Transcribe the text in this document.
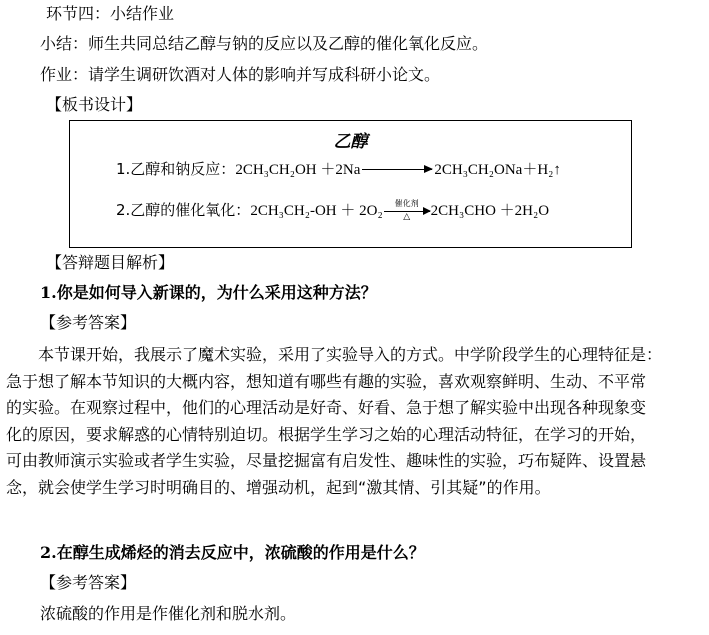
环节四：小结作业
小结：师生共同总结乙醇与钠的反应以及乙醇的催化氧化反应。
作业：请学生调研饮酒对人体的影响并写成科研小论文。
【板书设计】
乙醇
1.乙醇和钠反应：2CH₃CH₂OH ＋2Na	2CH₃CH₂ONa＋H₂↑
2.乙醇的催化氧化：2CH₃CH₂-OH ＋ 2O₂	催化剂
△	2CH₃CHO ＋2H₂O
【答辩题目解析】
1.你是如何导入新课的，为什么采用这种方法？
【参考答案】
本节课开始，我展示了魔术实验，采用了实验导入的方式。中学阶段学生的心理特征是：
急于想了解本节知识的大概内容，想知道有哪些有趣的实验，喜欢观察鲜明、生动、不平常
的实验。在观察过程中，他们的心理活动是好奇、好看、急于想了解实验中出现各种现象变
化的原因，要求解惑的心情特别迫切。根据学生学习之始的心理活动特征，在学习的开始，
可由教师演示实验或者学生实验，尽量挖掘富有启发性、趣味性的实验，巧布疑阵、设置悬
念，就会使学生学习时明确目的、增强动机，起到“激其情、引其疑”的作用。
2.在醇生成烯烃的消去反应中，浓硫酸的作用是什么？
【参考答案】
浓硫酸的作用是作催化剂和脱水剂。
